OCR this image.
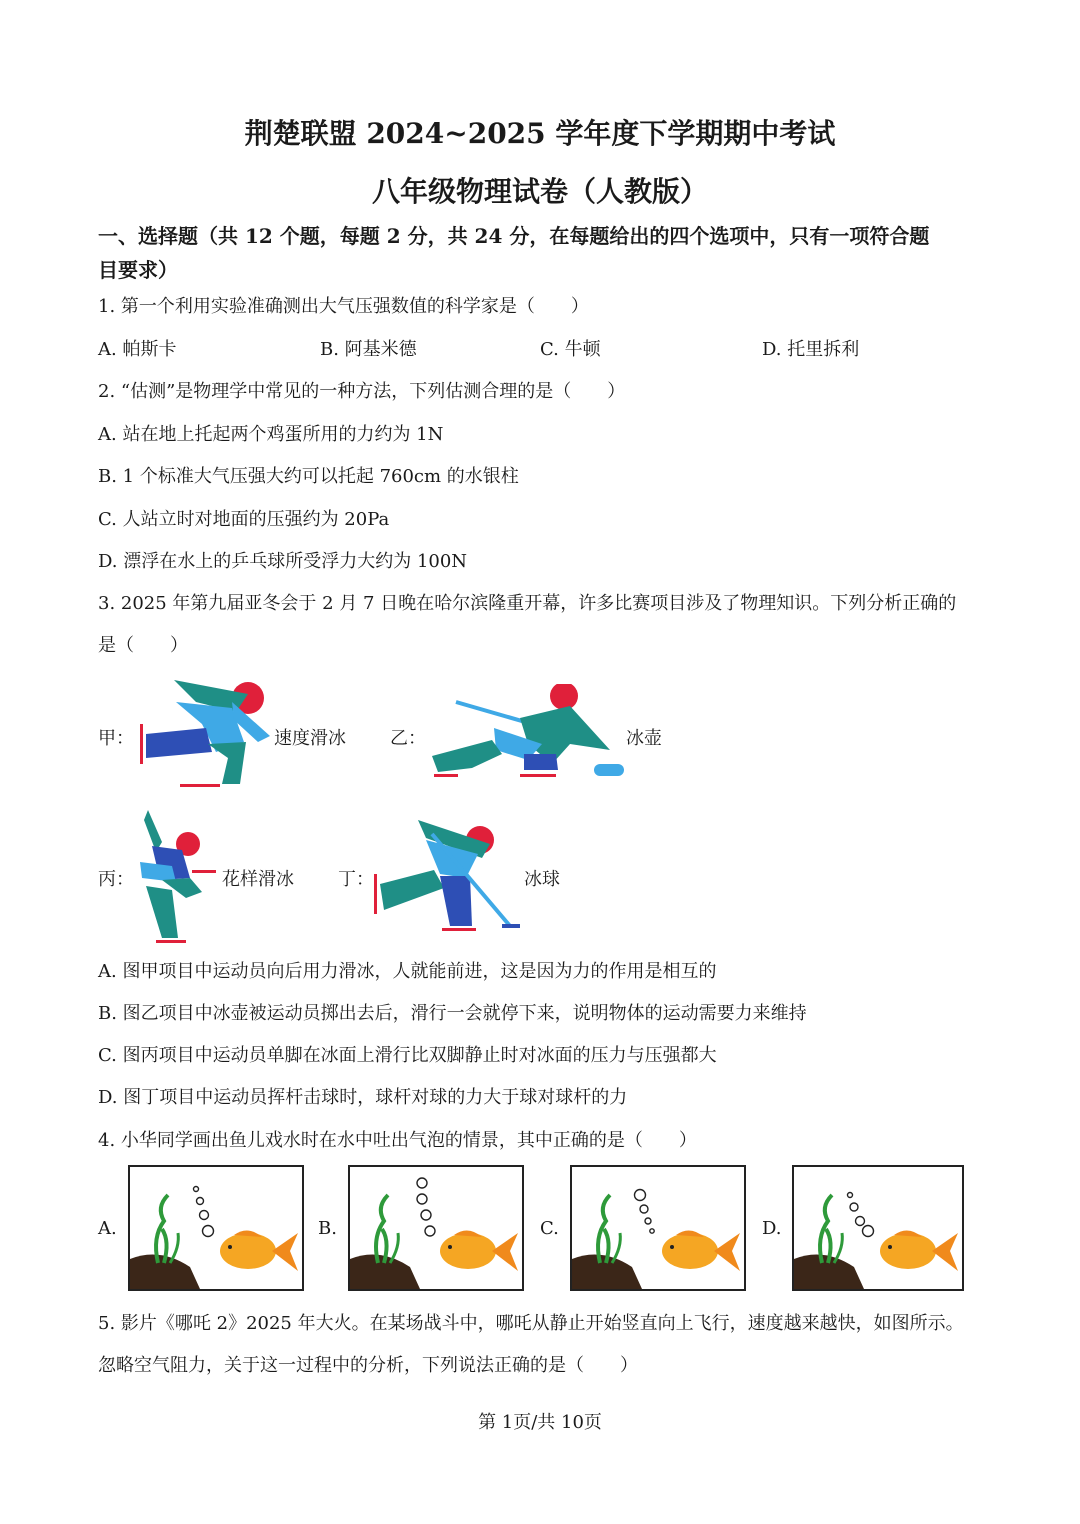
荆楚联盟 2024~2025 学年度下学期期中考试
八年级物理试卷（人教版）
一、选择题（共 12 个题，每题 2 分，共 24 分，在每题给出的四个选项中，只有一项符合题
目要求）
1. 第一个利用实验准确测出大气压强数值的科学家是（　　）
A. 帕斯卡	B. 阿基米德	C. 牛顿	D. 托里拆利
2. “估测”是物理学中常见的一种方法，下列估测合理的是（　　）
A. 站在地上托起两个鸡蛋所用的力约为 1N
B. 1 个标准大气压强大约可以托起 760cm 的水银柱
C. 人站立时对地面的压强约为 20Pa
D. 漂浮在水上的乒乓球所受浮力大约为 100N
3. 2025 年第九届亚冬会于 2 月 7 日晚在哈尔滨隆重开幕，许多比赛项目涉及了物理知识。下列分析正确的
是（　　）
甲：	速度滑冰 乙：	冰壶
丙：	花样滑冰 丁：	冰球
A. 图甲项目中运动员向后用力滑冰，人就能前进，这是因为力的作用是相互的
B. 图乙项目中冰壶被运动员掷出去后，滑行一会就停下来，说明物体的运动需要力来维持
C. 图丙项目中运动员单脚在冰面上滑行比双脚静止时对冰面的压力与压强都大
D. 图丁项目中运动员挥杆击球时，球杆对球的力大于球对球杆的力
4. 小华同学画出鱼儿戏水时在水中吐出气泡的情景，其中正确的是（　　）
A.	B.	C.	D.
5. 影片《哪吒 2》2025 年大火。在某场战斗中，哪吒从静止开始竖直向上飞行，速度越来越快，如图所示。
忽略空气阻力，关于这一过程中的分析，下列说法正确的是（　　）
第 1页/共 10页
